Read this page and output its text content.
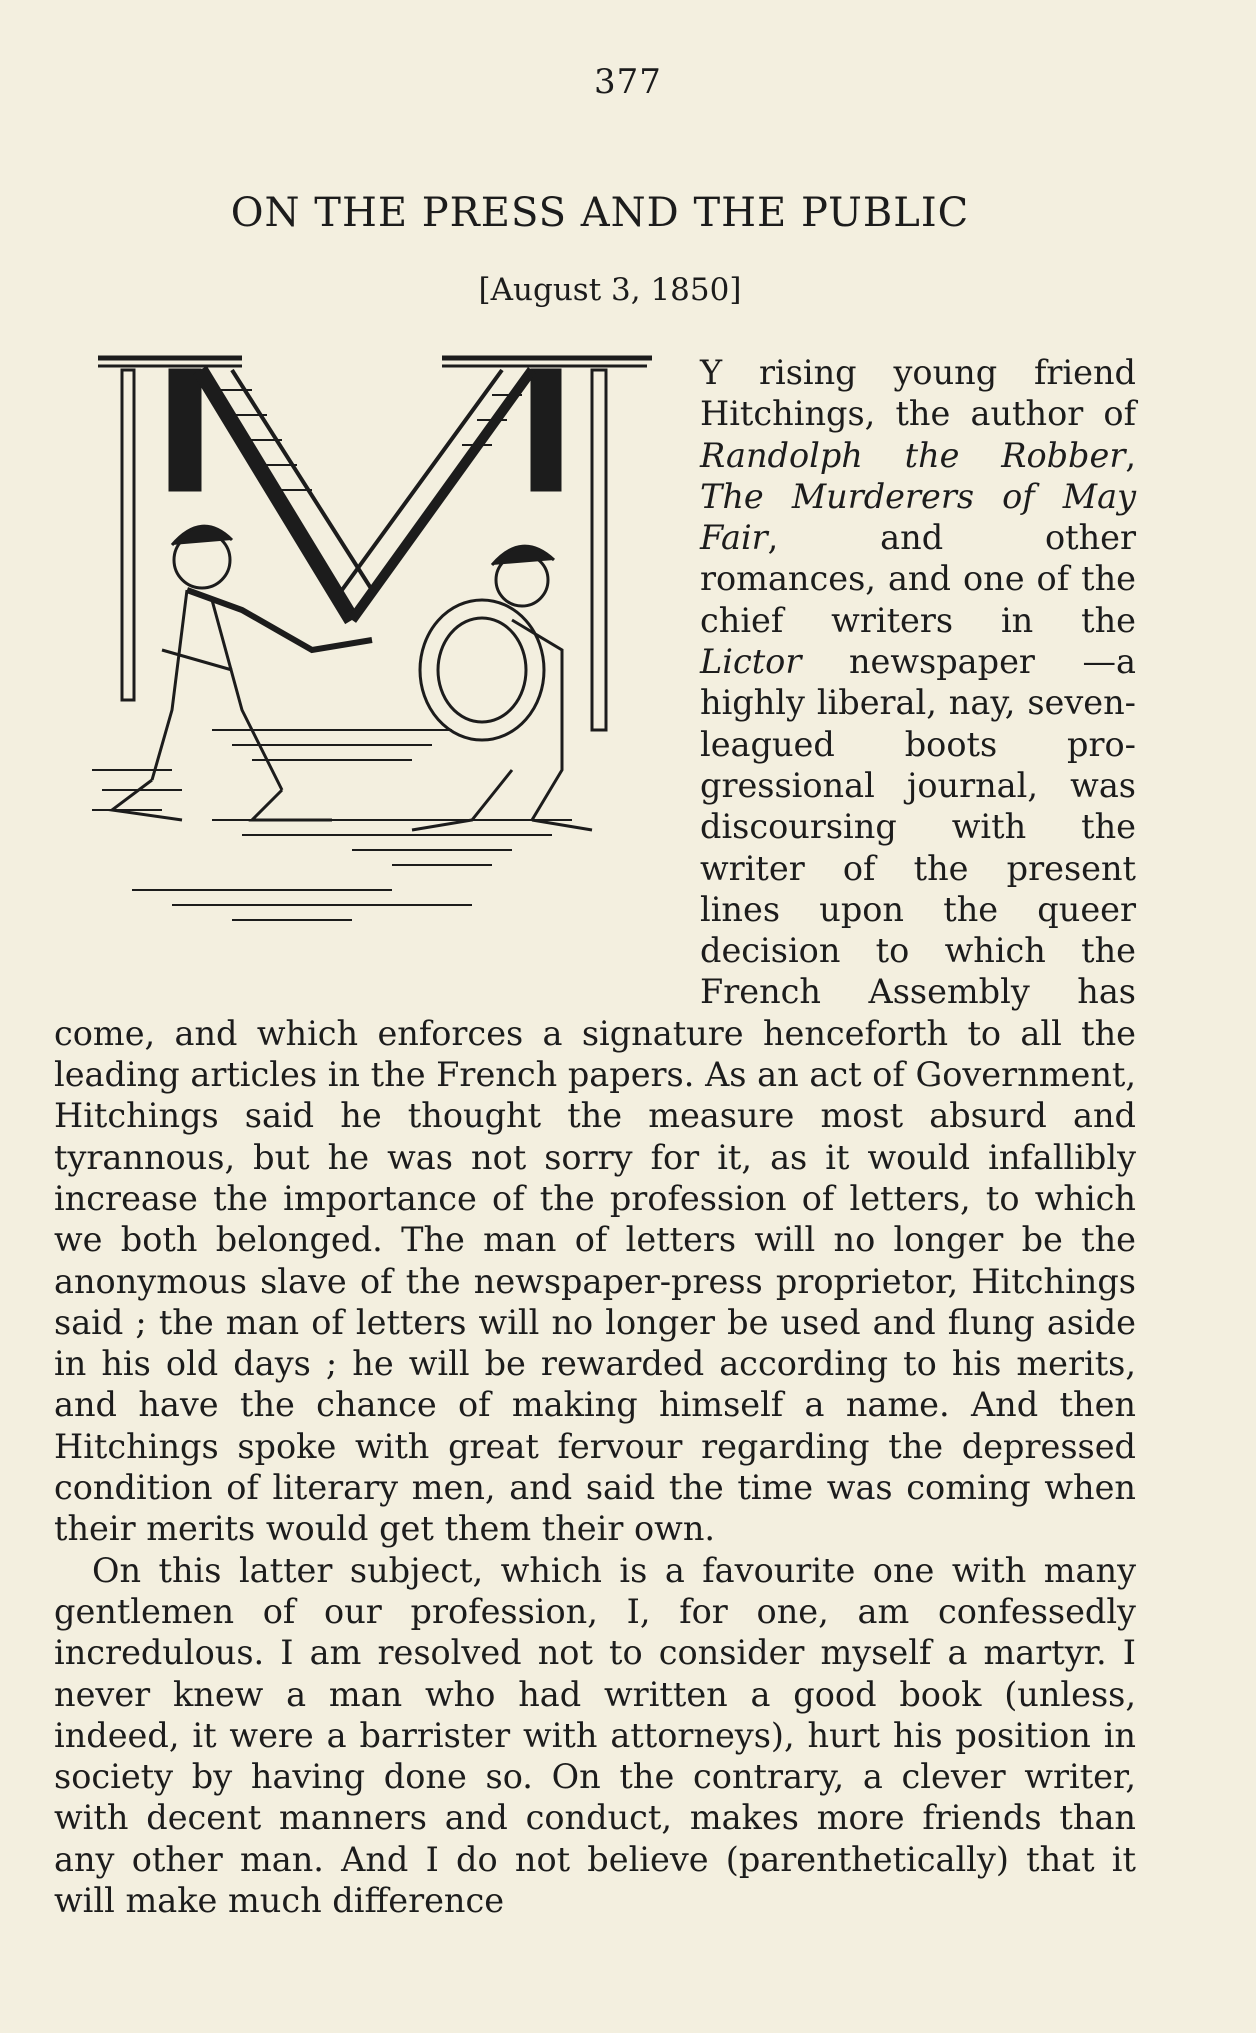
377
ON THE PRESS AND THE PUBLIC
[August 3, 1850]

Y rising young friend Hitchings, the author of Randolph the Robber, The Murderers of May Fair, and other romances, and one of the chief writers in the Lictor newspaper —a highly liberal, nay, seven-leagued boots progressional journal, was discoursing with the writer of the present lines upon the queer decision to which the French Assembly has come, and which enforces a signature henceforth to all the leading articles in the French papers. As an act of Government, Hitchings said he thought the measure most absurd and tyrannous, but he was not sorry for it, as it would infallibly increase the importance of the profession of letters, to which we both belonged. The man of letters will no longer be the anonymous slave of the newspaper-press proprietor, Hitchings said ; the man of letters will no longer be used and flung aside in his old days ; he will be rewarded according to his merits, and have the chance of making himself a name. And then Hitchings spoke with great fervour regarding the depressed condition of literary men, and said the time was coming when their merits would get them their own.

On this latter subject, which is a favourite one with many gentlemen of our profession, I, for one, am confessedly incredulous. I am resolved not to consider myself a martyr. I never knew a man who had written a good book (unless, indeed, it were a barrister with attorneys), hurt his position in society by having done so. On the contrary, a clever writer, with decent manners and conduct, makes more friends than any other man. And I do not believe (parenthetically) that it will make much difference
